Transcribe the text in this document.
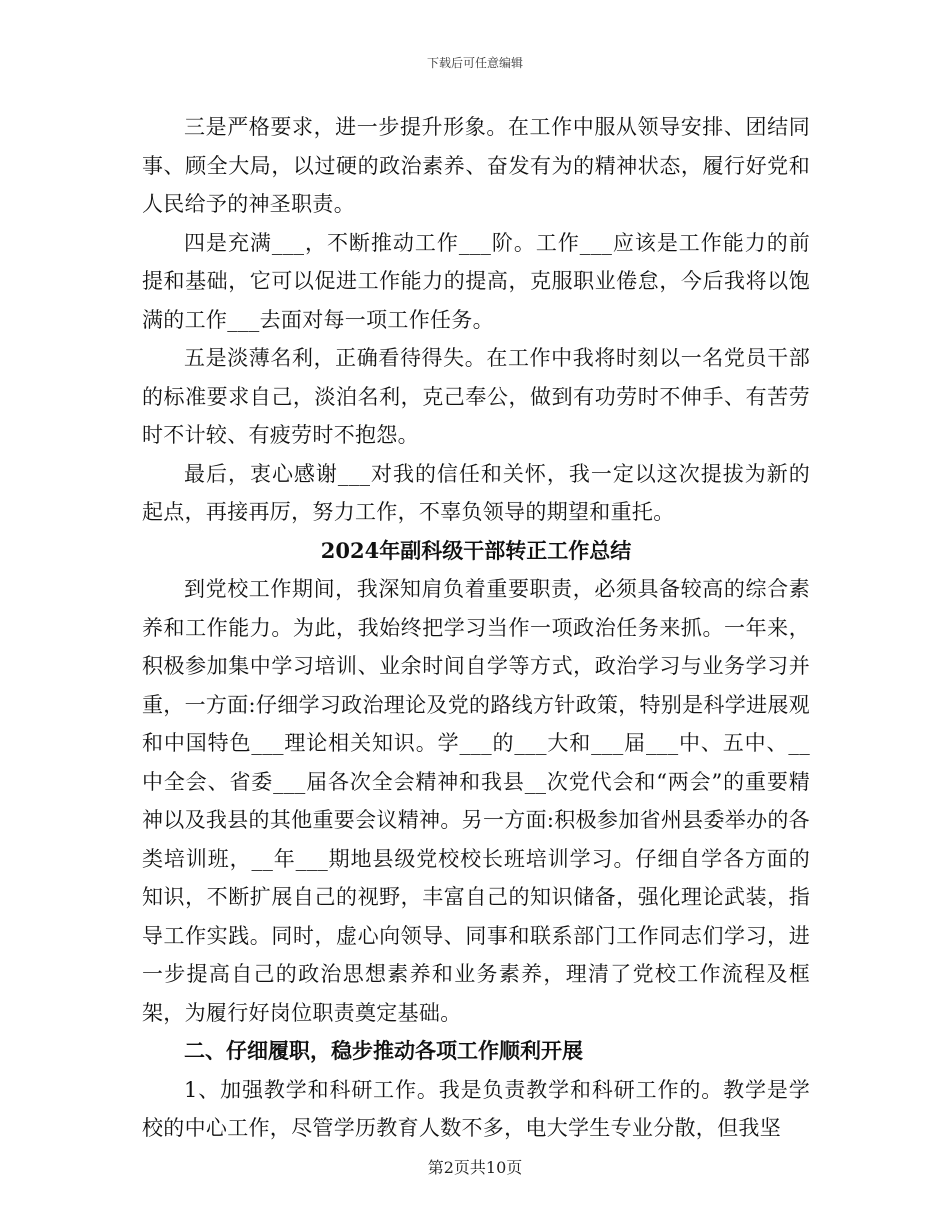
下载后可任意编辑

三是严格要求，进一步提升形象。在工作中服从领导安排、团结同事、顾全大局，以过硬的政治素养、奋发有为的精神状态，履行好党和人民给予的神圣职责。

四是充满___，不断推动工作___阶。工作___应该是工作能力的前提和基础，它可以促进工作能力的提高，克服职业倦怠，今后我将以饱满的工作___去面对每一项工作任务。

五是淡薄名利，正确看待得失。在工作中我将时刻以一名党员干部的标准要求自己，淡泊名利，克己奉公，做到有功劳时不伸手、有苦劳时不计较、有疲劳时不抱怨。

最后，衷心感谢___对我的信任和关怀，我一定以这次提拔为新的起点，再接再厉，努力工作，不辜负领导的期望和重托。

2024年副科级干部转正工作总结

到党校工作期间，我深知肩负着重要职责，必须具备较高的综合素养和工作能力。为此，我始终把学习当作一项政治任务来抓。一年来，积极参加集中学习培训、业余时间自学等方式，政治学习与业务学习并重，一方面:仔细学习政治理论及党的路线方针政策，特别是科学进展观和中国特色___理论相关知识。学___的___大和___届___中、五中、__中全会、省委___届各次全会精神和我县__次党代会和“两会”的重要精神以及我县的其他重要会议精神。另一方面:积极参加省州县委举办的各类培训班，__年___期地县级党校校长班培训学习。仔细自学各方面的知识，不断扩展自己的视野，丰富自己的知识储备，强化理论武装，指导工作实践。同时，虚心向领导、同事和联系部门工作同志们学习，进一步提高自己的政治思想素养和业务素养，理清了党校工作流程及框架，为履行好岗位职责奠定基础。

二、仔细履职，稳步推动各项工作顺利开展

1、加强教学和科研工作。我是负责教学和科研工作的。教学是学校的中心工作，尽管学历教育人数不多，电大学生专业分散，但我坚

第2页共10页
